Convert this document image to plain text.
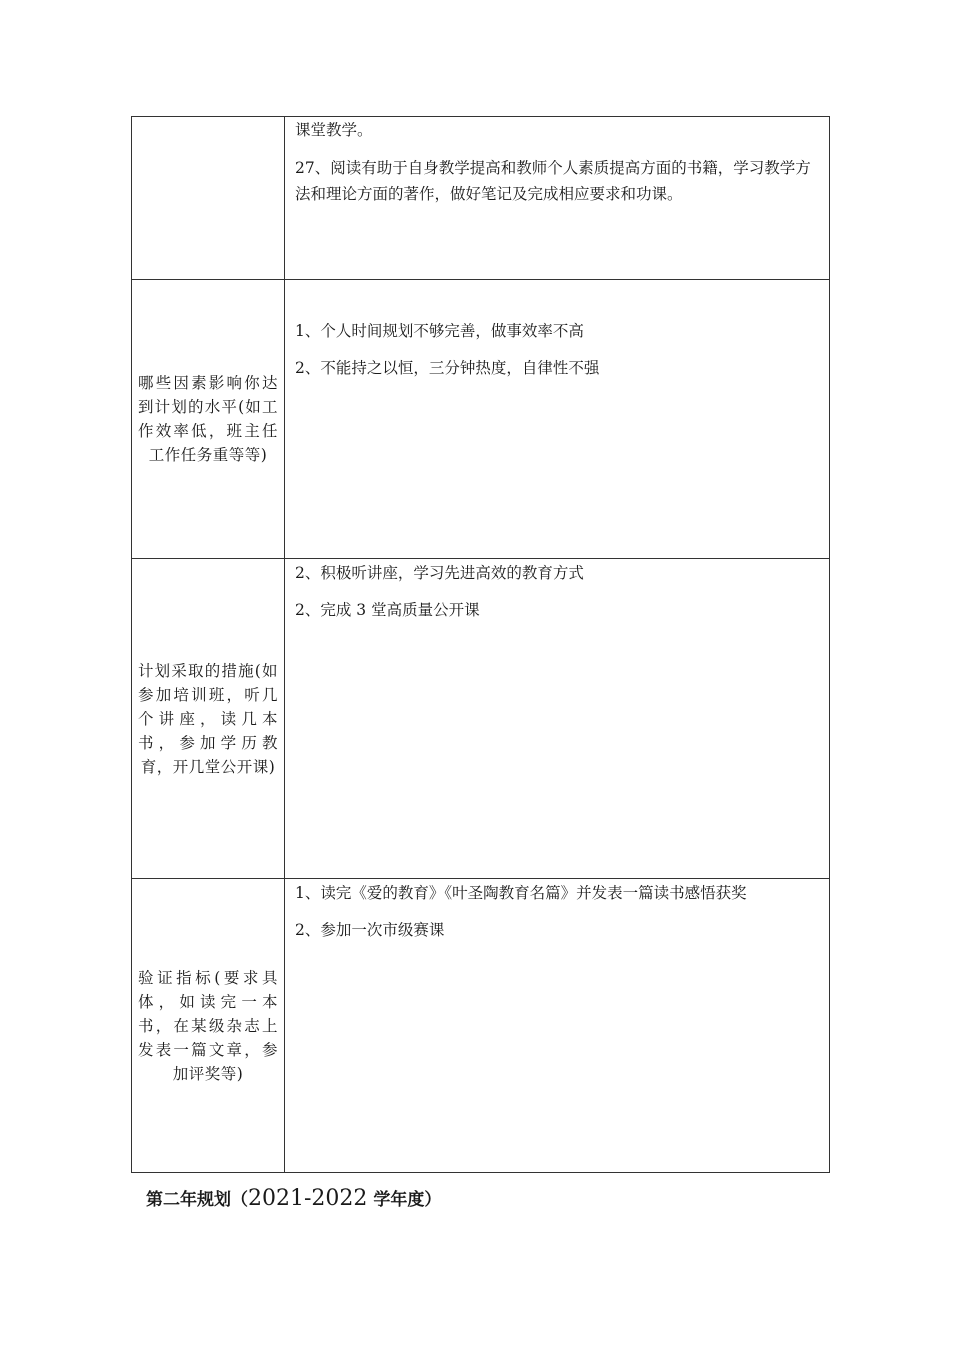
	课堂教学。

27、阅读有助于自身教学提高和教师个人素质提高方面的书籍，学习教学方法和理论方面的著作，做好笔记及完成相应要求和功课。

哪些因素影响你达到计划的水平(如工作效率低，班主任工作任务重等等)	1、个人时间规划不够完善，做事效率不高

2、不能持之以恒，三分钟热度，自律性不强

计划采取的措施(如参加培训班，听几个讲座，读几本书，参加学历教育，开几堂公开课)	2、积极听讲座，学习先进高效的教育方式

2、完成 3 堂高质量公开课

验证指标(要求具体，如读完一本书，在某级杂志上发表一篇文章，参加评奖等)	1、读完《爱的教育》《叶圣陶教育名篇》并发表一篇读书感悟获奖

2、参加一次市级赛课

第二年规划（2021-2022 学年度）
